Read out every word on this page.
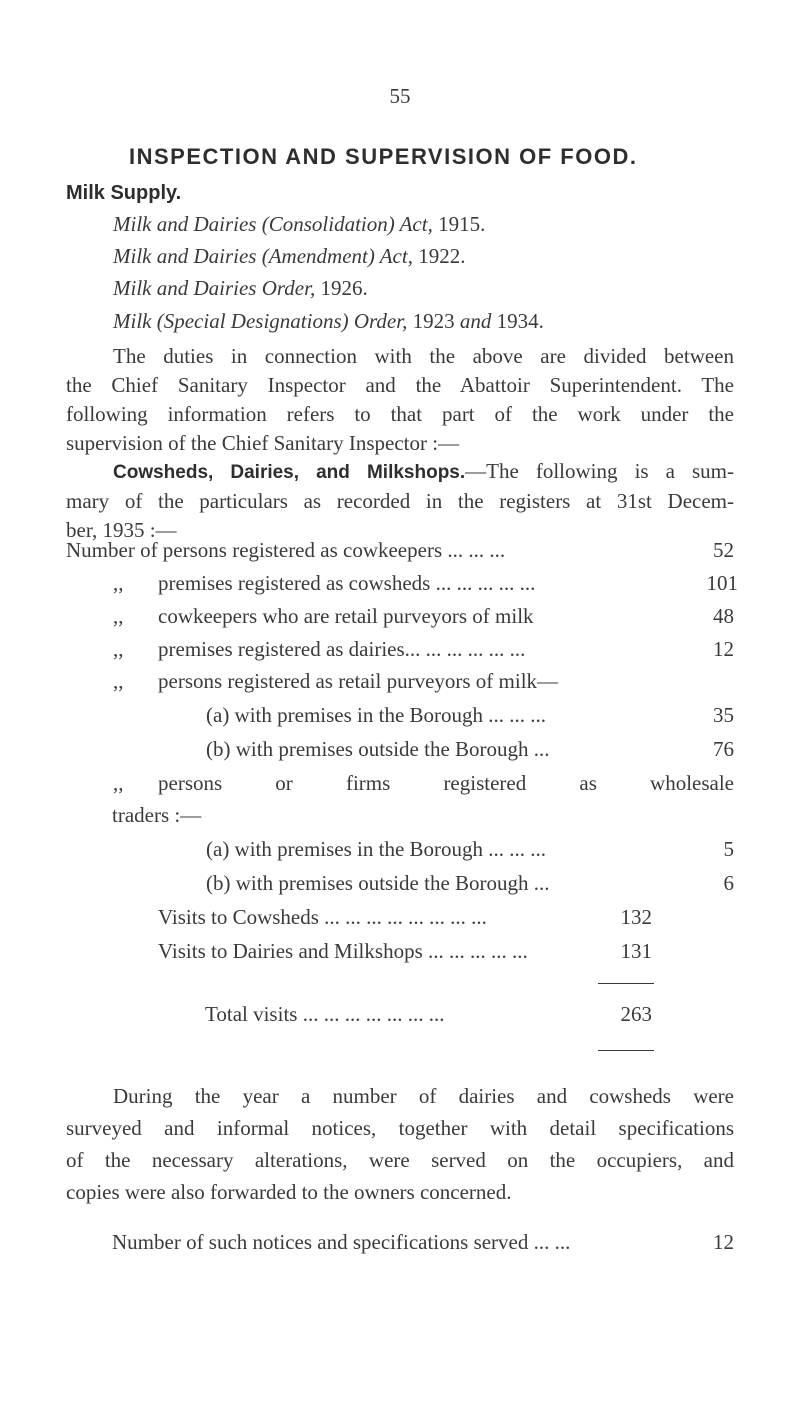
55
INSPECTION AND SUPERVISION OF FOOD.
Milk Supply.
Milk and Dairies (Consolidation) Act, 1915.
Milk and Dairies (Amendment) Act, 1922.
Milk and Dairies Order, 1926.
Milk (Special Designations) Order, 1923 and 1934.
The duties in connection with the above are divided between
the Chief Sanitary Inspector and the Abattoir Superintendent. The
following information refers to that part of the work under the
supervision of the Chief Sanitary Inspector :—
Cowsheds, Dairies, and Milkshops.—The following is a sum-
mary of the particulars as recorded in the registers at 31st Decem-
ber, 1935 :—
Number of persons registered as cowkeepers ... ... ...	52
,, premises registered as cowsheds ... ... ... ... ...	101
,, cowkeepers who are retail purveyors of milk	48
,, premises registered as dairies... ... ... ... ... ...	12
,, persons registered as retail purveyors of milk—
(a) with premises in the Borough ... ... ...	35
(b) with premises outside the Borough ...	76
,, persons or firms registered as wholesale
traders :—
(a) with premises in the Borough ... ... ...	5
(b) with premises outside the Borough ...	6
Visits to Cowsheds ... ... ... ... ... ... ... ...	132
Visits to Dairies and Milkshops ... ... ... ... ...	131
Total visits ... ... ... ... ... ... ...	263
During the year a number of dairies and cowsheds were
surveyed and informal notices, together with detail specifications
of the necessary alterations, were served on the occupiers, and
copies were also forwarded to the owners concerned.
Number of such notices and specifications served ... ...	12
